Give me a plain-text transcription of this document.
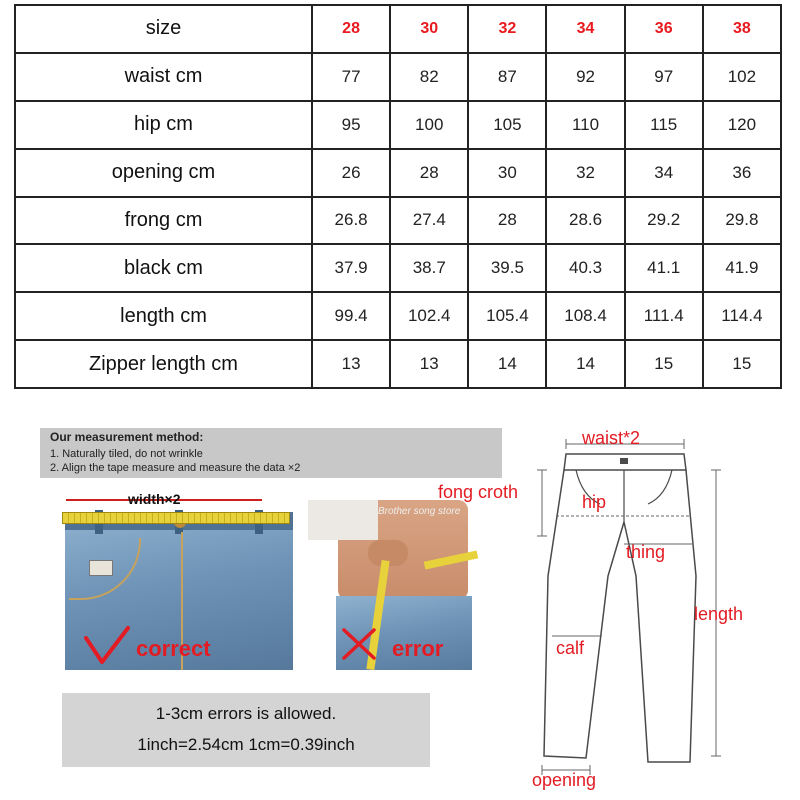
size	28	30	32	34	36	38
waist cm	77	82	87	92	97	102
hip cm	95	100	105	110	115	120
opening cm	26	28	30	32	34	36
frong cm	26.8	27.4	28	28.6	29.2	29.8
black cm	37.9	38.7	39.5	40.3	41.1	41.9
length cm	99.4	102.4	105.4	108.4	111.4	114.4
Zipper length cm	13	13	14	14	15	15
Our measurement method:
1. Naturally tiled, do not wrinkle
2. Align the tape measure and measure the data ×2
width×2
correct
Brother song store
error
1-3cm errors is allowed.
1inch=2.54cm 1cm=0.39inch
waist*2
fong croth	hip
thing
length
calf
opening
